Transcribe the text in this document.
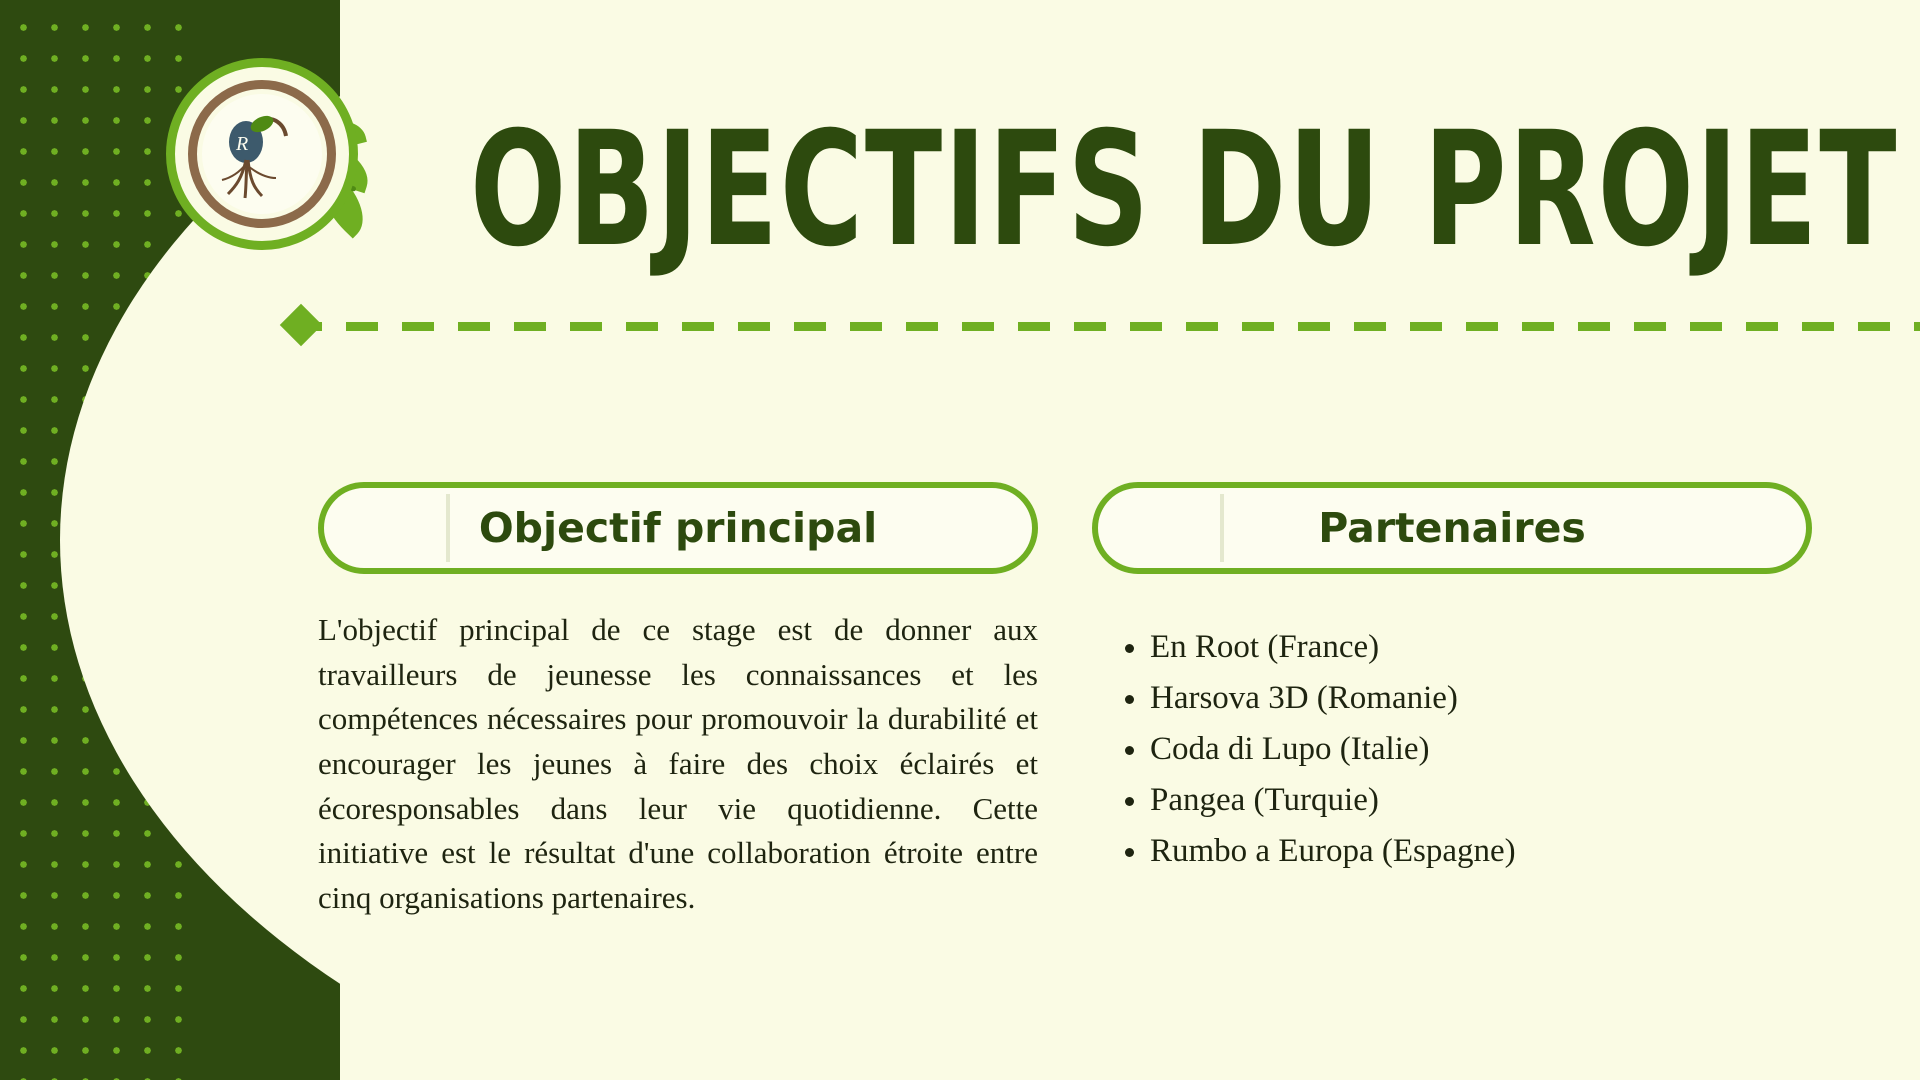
R OBJECTIFS DU PROJET
Objectif principal

L'objectif principal de ce stage est de donner aux travailleurs de jeunesse les connaissances et les compétences nécessaires pour promouvoir la durabilité et encourager les jeunes à faire des choix éclairés et écoresponsables dans leur vie quotidienne. Cette initiative est le résultat d'une collaboration étroite entre cinq organisations partenaires.

Partenaires
• En Root (France)
• Harsova 3D (Romanie)
• Coda di Lupo (Italie)
• Pangea (Turquie)
• Rumbo a Europa (Espagne)
